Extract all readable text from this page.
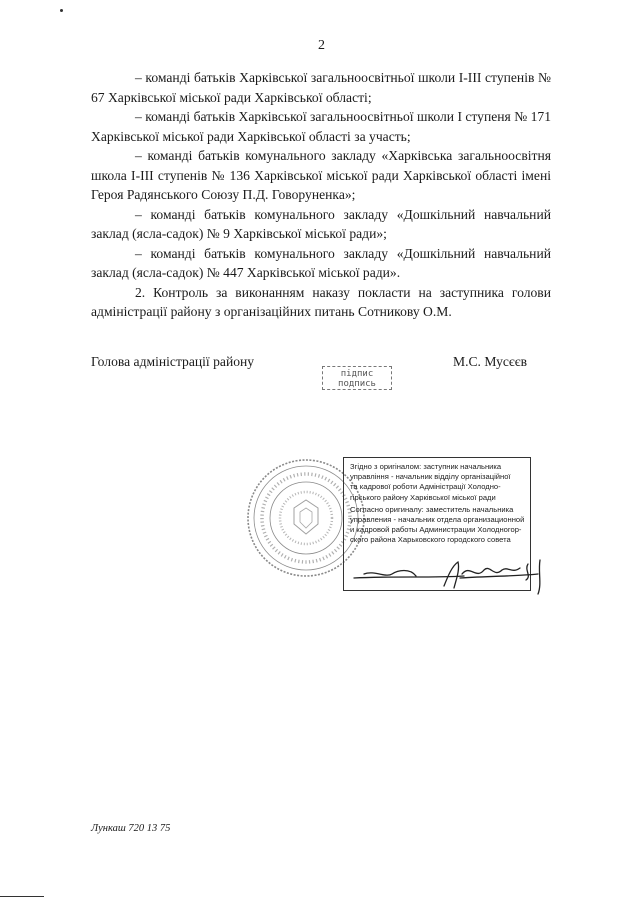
2

– команді батьків Харківської загальноосвітньої школи І-ІІІ ступенів № 67 Харківської міської ради Харківської області;

– команді батьків Харківської загальноосвітньої школи І ступеня № 171 Харківської міської ради Харківської області за участь;

– команді батьків комунального закладу «Харківська загальноосвітня школа І-ІІІ ступенів № 136 Харківської міської ради Харківської області імені Героя Радянського Союзу П.Д. Говоруненка»;

– команді батьків комунального закладу «Дошкільний навчальний заклад (ясла-садок) № 9 Харківської міської ради»;

– команді батьків комунального закладу «Дошкільний навчальний заклад (ясла-садок) № 447 Харківської міської ради».

2. Контроль за виконанням наказу покласти на заступника голови адміністрації району з організаційних питань Сотникову О.М.

Голова адміністрації району	М.С. Мусєєв
підпис
подпись
Згідно з оригіналом: заступник начальника
управління - начальник відділу організаційної
та кадрової роботи Адміністрації Холодно-
гірського району Харківської міської ради
Согласно оригиналу: заместитель начальника
управления - начальник отдела организационной
и кадровой работы Администрации Холодногор-
ского района Харьковского городского совета
Лункаш 720 13 75
